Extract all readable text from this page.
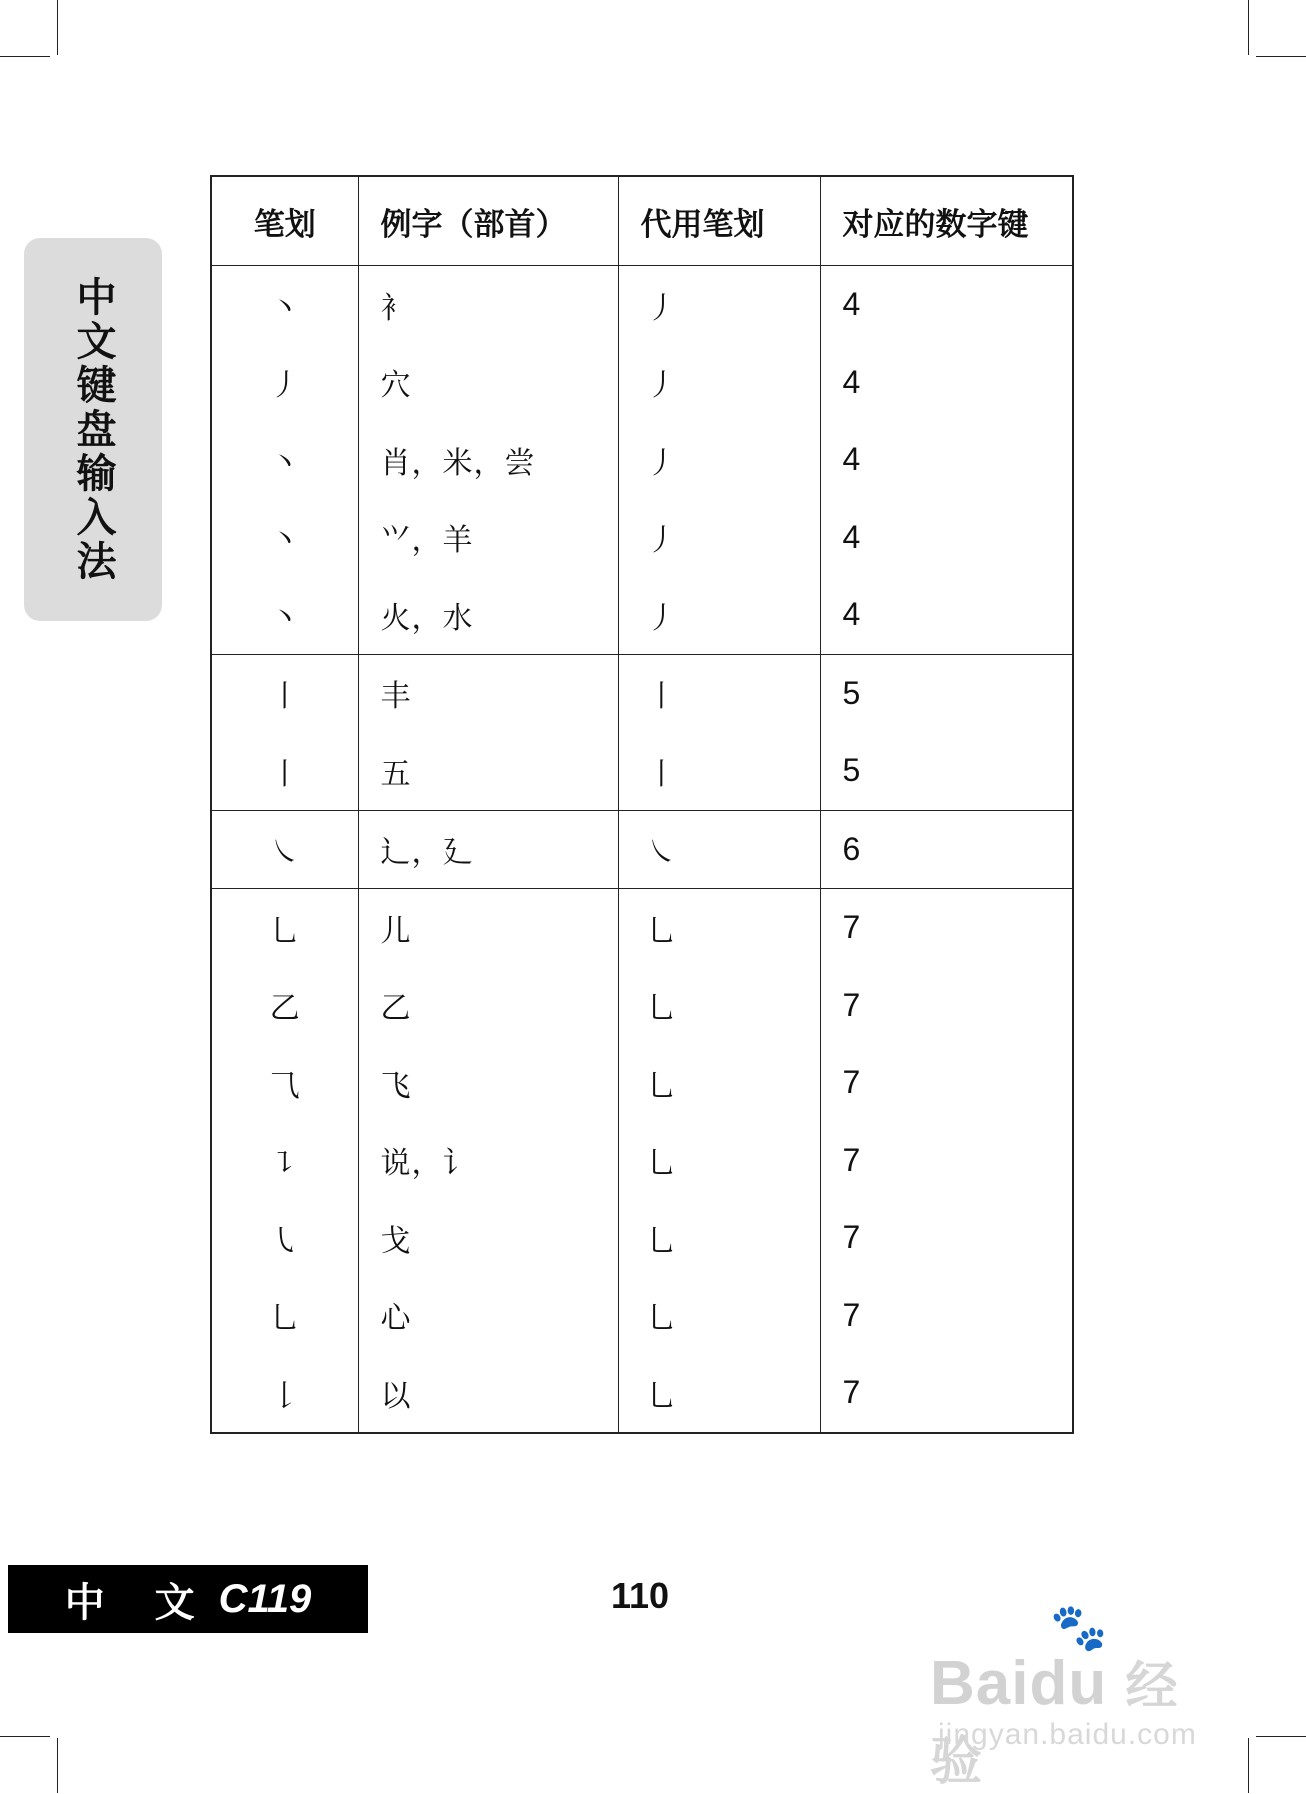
中文键盘输入法
笔划	例字（部首）	代用笔划	对应的数字键
丶	衤	丿	4
丿	穴	丿	4
丶	肖，米，尝	丿	4
丶	⺍，羊	丿	4
丶	火，水	丿	4
丨	丰	丨	5
丨	五	丨	5
㇏	辶，廴	㇏	6
乚	儿	乚	7
乙	乙	乚	7
⺄	飞	乚	7
㇊	说，讠	乚	7
㇂	戈	乚	7
乚	心	乚	7
𠄌	以	乚	7
中 文 C119	110
🐾
Baidu 经验
jingyan.baidu.com
